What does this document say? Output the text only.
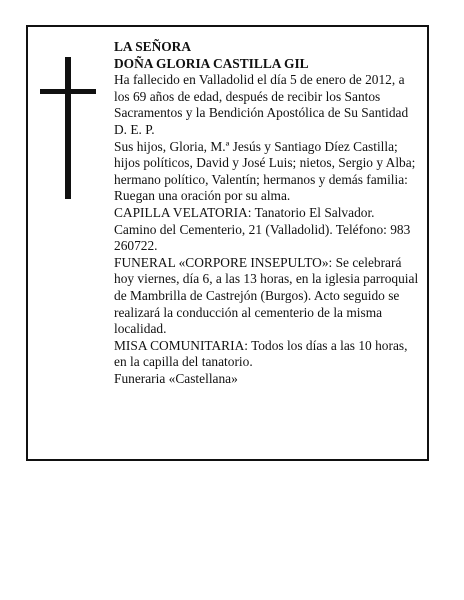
LA SEÑORA

DOÑA GLORIA CASTILLA GIL

Ha fallecido en Valladolid el día 5 de enero de 2012, a los 69 años de edad, después de recibir los Santos Sacramentos y la Bendición Apostólica de Su Santidad

D. E. P.

Sus hijos, Gloria, M.ª Jesús y Santiago Díez Castilla; hijos políticos, David y José Luis; nietos, Sergio y Alba; hermano político, Valentín; hermanos y demás familia:

Ruegan una oración por su alma.

CAPILLA VELATORIA: Tanatorio El Salvador. Camino del Cementerio, 21 (Valladolid). Teléfono: 983 260722.

FUNERAL «CORPORE INSEPULTO»: Se celebrará hoy viernes, día 6, a las 13 horas, en la iglesia parroquial de Mambrilla de Castrejón (Burgos). Acto seguido se realizará la conducción al cementerio de la misma localidad.

MISA COMUNITARIA: Todos los días a las 10 horas, en la capilla del tanatorio.

Funeraria «Castellana»
